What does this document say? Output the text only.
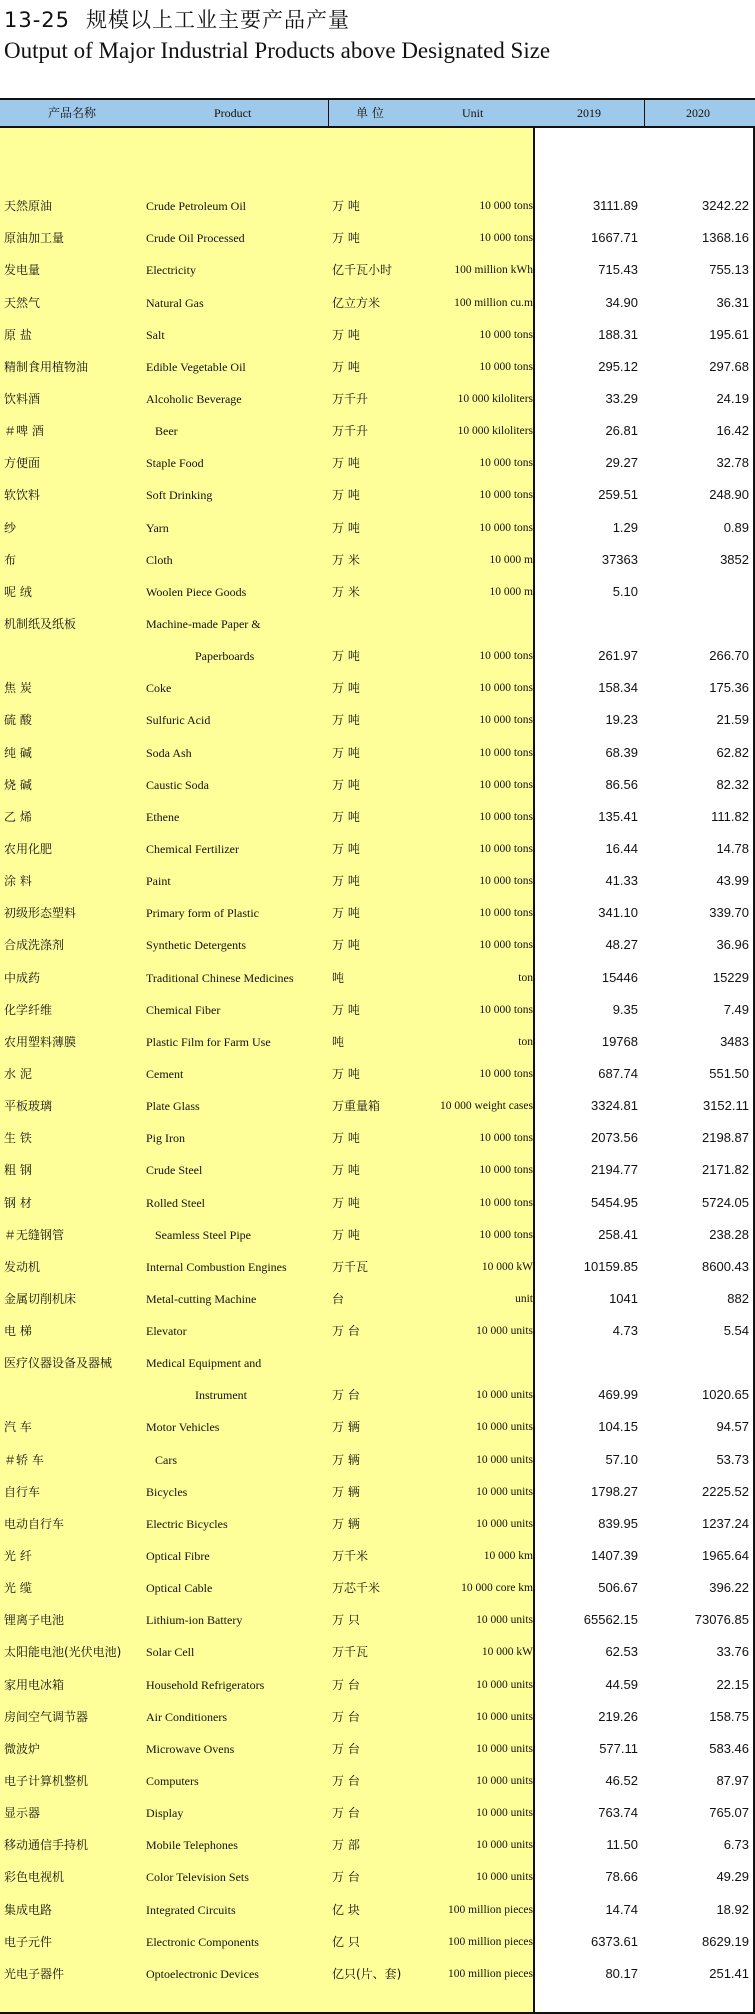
13-25 规模以上工业主要产品产量
Output of Major Industrial Products above Designated Size
产品名称	Product	单 位	Unit	2019	2020
天然原油	Crude Petroleum Oil	万 吨	10 000 tons	3111.89	3242.22
原油加工量	Crude Oil Processed	万 吨	10 000 tons	1667.71	1368.16
发电量	Electricity	亿千瓦小时	100 million kWh	715.43	755.13
天然气	Natural Gas	亿立方米	100 million cu.m	34.90	36.31
原 盐	Salt	万 吨	10 000 tons	188.31	195.61
精制食用植物油	Edible Vegetable Oil	万 吨	10 000 tons	295.12	297.68
饮料酒	Alcoholic Beverage	万千升	10 000 kiloliters	33.29	24.19
＃啤 酒	Beer	万千升	10 000 kiloliters	26.81	16.42
方便面	Staple Food	万 吨	10 000 tons	29.27	32.78
软饮料	Soft Drinking	万 吨	10 000 tons	259.51	248.90
纱	Yarn	万 吨	10 000 tons	1.29	0.89
布	Cloth	万 米	10 000 m	37363	3852
呢 绒	Woolen Piece Goods	万 米	10 000 m	5.10
机制纸及纸板	Machine-made Paper &
Paperboards	万 吨	10 000 tons	261.97	266.70
焦 炭	Coke	万 吨	10 000 tons	158.34	175.36
硫 酸	Sulfuric Acid	万 吨	10 000 tons	19.23	21.59
纯 碱	Soda Ash	万 吨	10 000 tons	68.39	62.82
烧 碱	Caustic Soda	万 吨	10 000 tons	86.56	82.32
乙 烯	Ethene	万 吨	10 000 tons	135.41	111.82
农用化肥	Chemical Fertilizer	万 吨	10 000 tons	16.44	14.78
涂 料	Paint	万 吨	10 000 tons	41.33	43.99
初级形态塑料	Primary form of Plastic	万 吨	10 000 tons	341.10	339.70
合成洗涤剂	Synthetic Detergents	万 吨	10 000 tons	48.27	36.96
中成药	Traditional Chinese Medicines	吨	ton	15446	15229
化学纤维	Chemical Fiber	万 吨	10 000 tons	9.35	7.49
农用塑料薄膜	Plastic Film for Farm Use	吨	ton	19768	3483
水 泥	Cement	万 吨	10 000 tons	687.74	551.50
平板玻璃	Plate Glass	万重量箱	10 000 weight cases	3324.81	3152.11
生 铁	Pig Iron	万 吨	10 000 tons	2073.56	2198.87
粗 钢	Crude Steel	万 吨	10 000 tons	2194.77	2171.82
钢 材	Rolled Steel	万 吨	10 000 tons	5454.95	5724.05
＃无缝钢管	Seamless Steel Pipe	万 吨	10 000 tons	258.41	238.28
发动机	Internal Combustion Engines	万千瓦	10 000 kW	10159.85	8600.43
金属切削机床	Metal-cutting Machine	台	unit	1041	882
电 梯	Elevator	万 台	10 000 units	4.73	5.54
医疗仪器设备及器械	Medical Equipment and
Instrument	万 台	10 000 units	469.99	1020.65
汽 车	Motor Vehicles	万 辆	10 000 units	104.15	94.57
＃轿 车	Cars	万 辆	10 000 units	57.10	53.73
自行车	Bicycles	万 辆	10 000 units	1798.27	2225.52
电动自行车	Electric Bicycles	万 辆	10 000 units	839.95	1237.24
光 纤	Optical Fibre	万千米	10 000 km	1407.39	1965.64
光 缆	Optical Cable	万芯千米	10 000 core km	506.67	396.22
锂离子电池	Lithium-ion Battery	万 只	10 000 units	65562.15	73076.85
太阳能电池(光伏电池) Solar Cell	万千瓦	10 000 kW	62.53	33.76
家用电冰箱	Household Refrigerators	万 台	10 000 units	44.59	22.15
房间空气调节器	Air Conditioners	万 台	10 000 units	219.26	158.75
微波炉	Microwave Ovens	万 台	10 000 units	577.11	583.46
电子计算机整机	Computers	万 台	10 000 units	46.52	87.97
显示器	Display	万 台	10 000 units	763.74	765.07
移动通信手持机	Mobile Telephones	万 部	10 000 units	11.50	6.73
彩色电视机	Color Television Sets	万 台	10 000 units	78.66	49.29
集成电路	Integrated Circuits	亿 块	100 million pieces	14.74	18.92
电子元件	Electronic Components	亿 只	100 million pieces	6373.61	8629.19
光电子器件	Optoelectronic Devices	亿只(片、套)	100 million pieces	80.17	251.41
